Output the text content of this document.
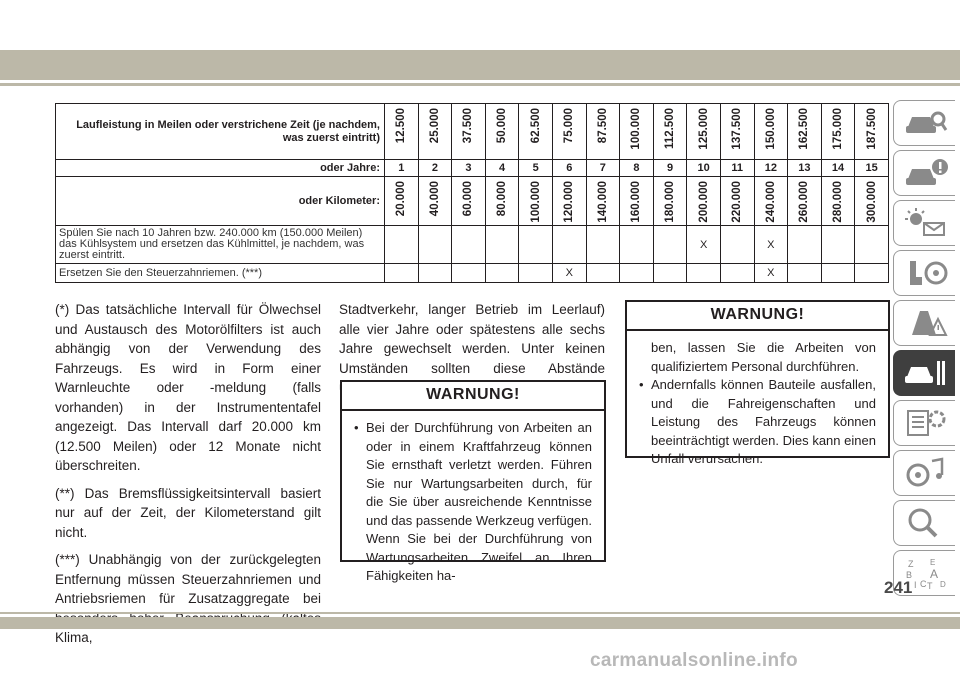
Laufleistung in Meilen oder verstrichene Zeit (je nachdem, was zuerst eintritt)	12.500	25.000	37.500	50.000	62.500	75.000	87.500	100.000	112.500	125.000	137.500	150.000	162.500	175.000	187.500

oder Jahre:	1	2	3	4	5	6	7	8	9	10	11	12	13	14	15
oder Kilometer:	20.000	40.000	60.000	80.000	100.000	120.000	140.000	160.000	180.000	200.000	220.000	240.000	260.000	280.000	300.000

Spülen Sie nach 10 Jahren bzw. 240.000 km (150.000 Meilen) das Kühlsystem und ersetzen das Kühlmittel, je nachdem, was zuerst eintritt.										X		X			
Ersetzen Sie den Steuerzahnriemen. (***)						X						X			

(*) Das tatsächliche Intervall für Ölwechsel und Austausch des Motorölfilters ist auch abhängig von der Verwendung des Fahrzeugs. Es wird in Form einer Warnleuchte oder -meldung (falls vorhanden) in der Instrumententafel angezeigt. Das Intervall darf 20.000 km (12.500 Meilen) oder 12 Monate nicht überschreiten.

(**) Das Bremsflüssigkeitsintervall basiert nur auf der Zeit, der Kilometerstand gilt nicht.

(***) Unabhängig von der zurückgelegten Entfernung müssen Steuerzahnriemen und Antriebsriemen für Zusatzaggregate bei Klima,

Stadtverkehr, langer Betrieb im Leerlauf) alle vier Jahre oder spätestens alle sechs Jahre gewechselt werden. Unter keinen Umständen sollten diese Abstände

WARNUNG!
• Bei der Durchführung von Arbeiten an oder in einem Kraftfahrzeug können Sie ernsthaft verletzt werden. Führen Sie nur Wartungsarbeiten durch, für die Sie über ausreichende Kenntnisse und das passende Werkzeug verfügen. Wenn Sie bei der Durchführung von Wartungsarbeiten Zweifel an Ihren Fähigkeiten ha-
WARNUNG!
ben, lassen Sie die Arbeiten von qualifiziertem Personal durchführen.
• Andernfalls können Bauteile ausfallen, und die Fahreigenschaften und Leistung des Fahrzeugs können beeinträchtigt werden. Dies kann einen Unfall verursachen.
Z E
B A
I C T D
241
carmanualsonline.info
